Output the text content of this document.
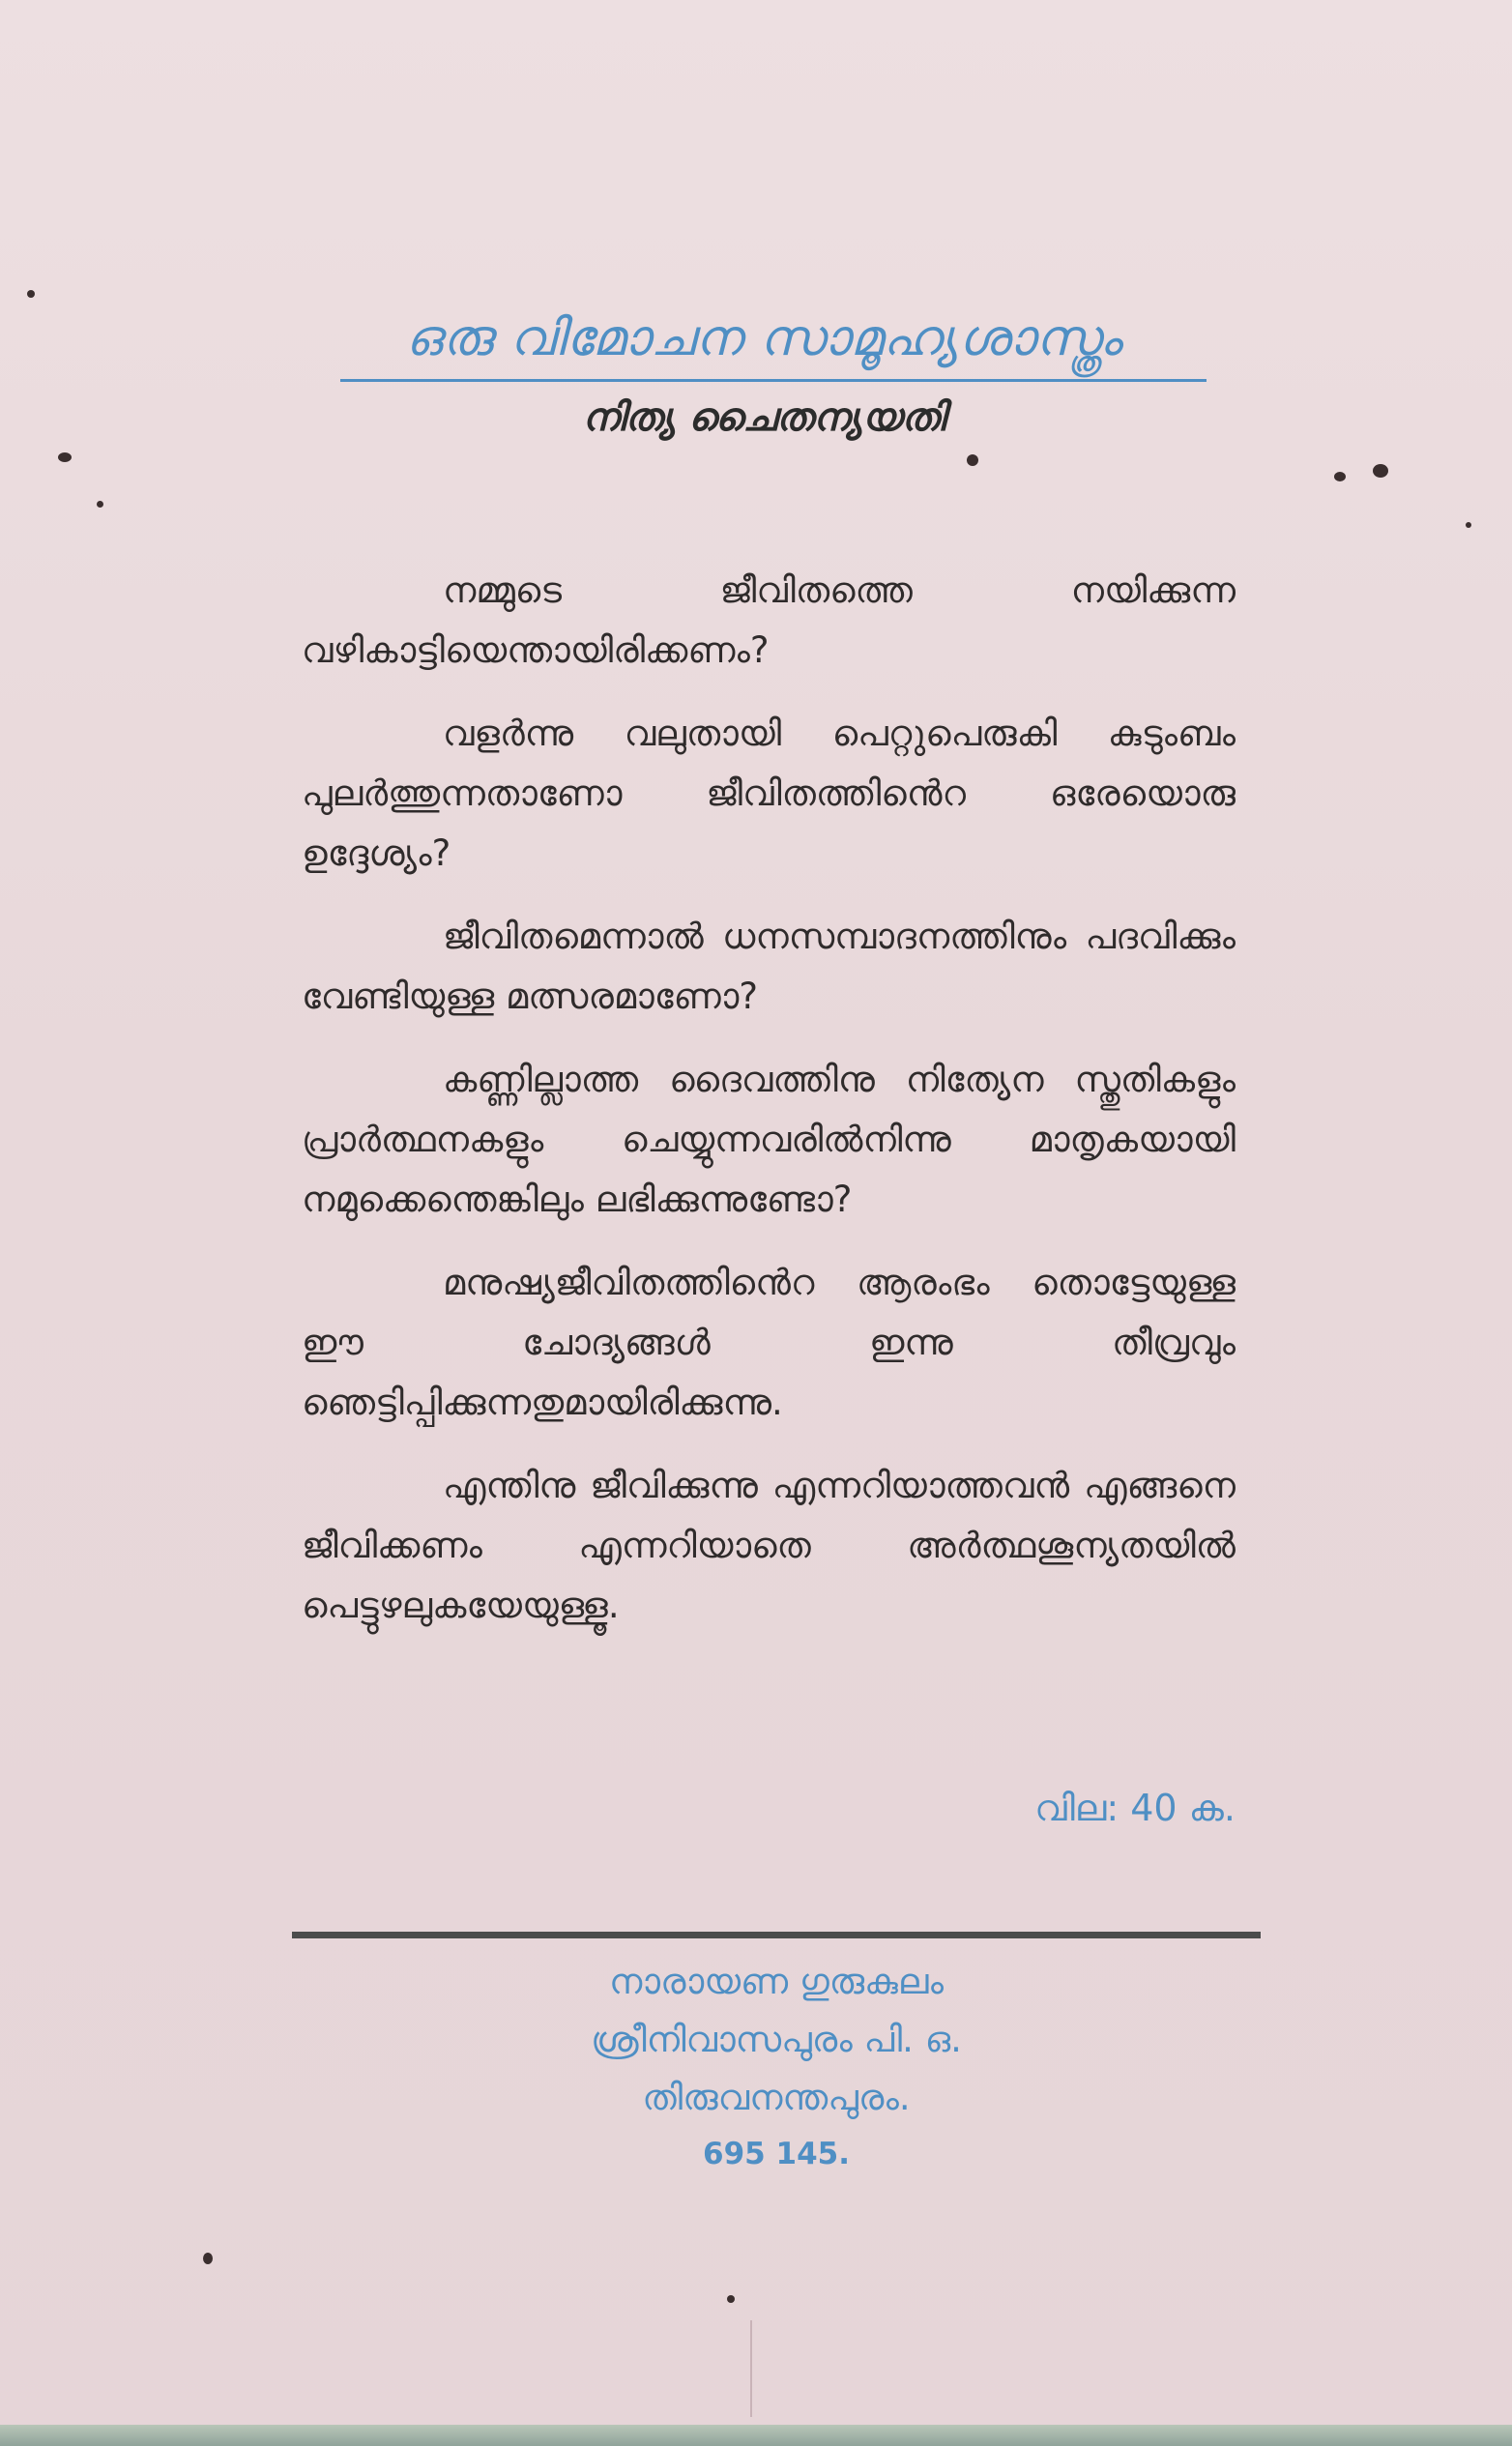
ഒരു വിമോചന സാമൂഹ്യശാസ്ത്രം
നിത്യ ചൈതന്യയതി

നമ്മുടെ ജീവിതത്തെ നയിക്കുന്ന വഴികാട്ടിയെന്തായിരിക്കണം?

വളർന്നു വലുതായി പെറ്റുപെരുകി കുടുംബം പുലർത്തുന്നതാണോ ജീവിതത്തിൻെറ ഒരേയൊരു ഉദ്ദേശ്യം?

ജീവിതമെന്നാൽ ധനസമ്പാദനത്തിനും പദവിക്കും വേണ്ടിയുള്ള മത്സരമാണോ?

കണ്ണില്ലാത്ത ദൈവത്തിനു നിത്യേന സ്തുതികളും പ്രാർത്ഥനകളും ചെയ്യുന്നവരിൽനിന്നു മാതൃകയായി നമുക്കെന്തെങ്കിലും ലഭിക്കുന്നുണ്ടോ?

മനുഷ്യജീവിതത്തിൻെറ ആരംഭം തൊട്ടേയുള്ള ഈ ചോദ്യങ്ങൾ ഇന്നു തീവ്രവും ഞെട്ടിപ്പിക്കുന്നതുമായിരിക്കുന്നു.

എന്തിനു ജീവിക്കുന്നു എന്നറിയാത്തവൻ എങ്ങനെ ജീവിക്കണം എന്നറിയാതെ അർത്ഥശൂന്യതയിൽ പെട്ടുഴലുകയേയുള്ളൂ.

വില: 40 ക.
നാരായണ ഗുരുകുലം
ശ്രീനിവാസപുരം പി. ഒ.
തിരുവനന്തപുരം.
695 145.
